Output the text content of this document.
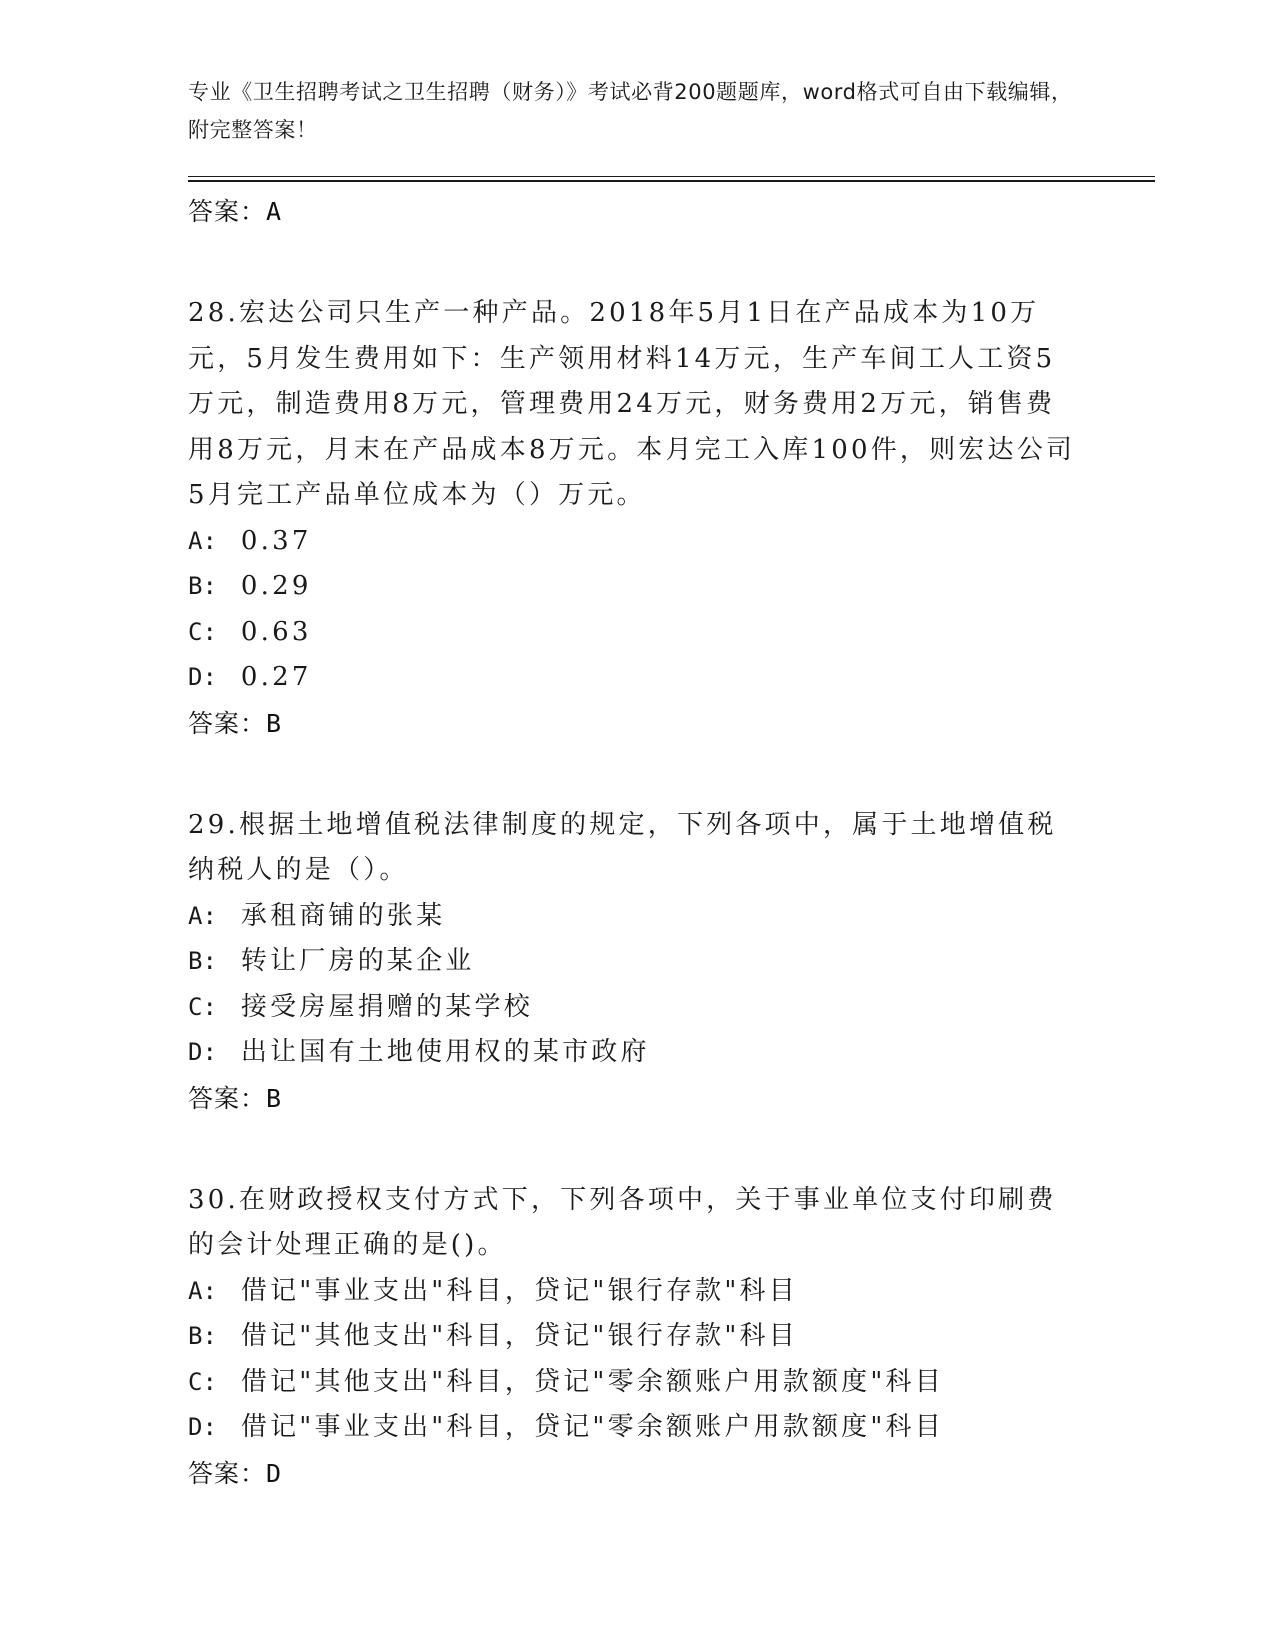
专业《卫生招聘考试之卫生招聘（财务）》考试必背200题题库，word格式可自由下载编辑，附完整答案！
答案：A
28.宏达公司只生产一种产品。2018年5月1日在产品成本为10万元，5月发生费用如下：生产领用材料14万元，生产车间工人工资5万元，制造费用8万元，管理费用24万元，财务费用2万元，销售费用8万元，月末在产品成本8万元。本月完工入库100件，则宏达公司5月完工产品单位成本为（）万元。
A: 0.37
B: 0.29
C: 0.63
D: 0.27
答案：B
29.根据土地增值税法律制度的规定，下列各项中，属于土地增值税纳税人的是（）。
A: 承租商铺的张某
B: 转让厂房的某企业
C: 接受房屋捐赠的某学校
D: 出让国有土地使用权的某市政府
答案：B
30.在财政授权支付方式下，下列各项中，关于事业单位支付印刷费的会计处理正确的是()。
A: 借记"事业支出"科目，贷记"银行存款"科目
B: 借记"其他支出"科目，贷记"银行存款"科目
C: 借记"其他支出"科目，贷记"零余额账户用款额度"科目
D: 借记"事业支出"科目，贷记"零余额账户用款额度"科目
答案：D
